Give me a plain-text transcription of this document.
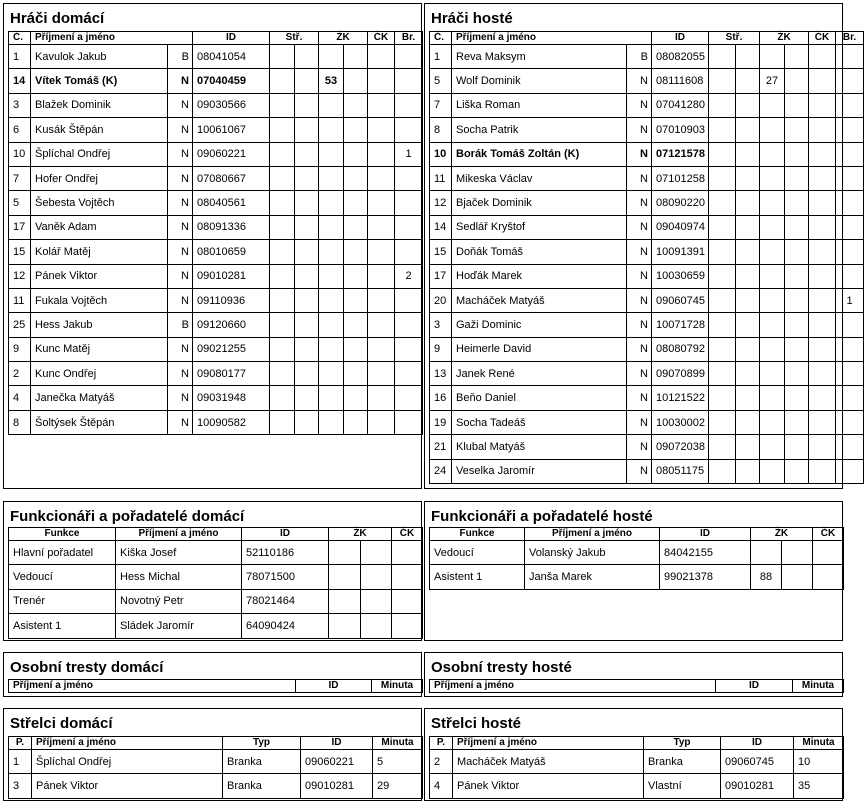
Hráči domácí
Č.	Příjmení a jméno		ID	Stř.		ŽK		ČK	Br.
1	Kavulok Jakub	B	08041054						
14	Vítek Tomáš (K)	N	07040459			53			
3	Blažek Dominik	N	09030566						
6	Kusák Štěpán	N	10061067						
10	Šplíchal Ondřej	N	09060221						1
7	Hofer Ondřej	N	07080667						
5	Šebesta Vojtěch	N	08040561						
17	Vaněk Adam	N	08091336						
15	Kolář Matěj	N	08010659						
12	Pánek Viktor	N	09010281						2
11	Fukala Vojtěch	N	09110936						
25	Hess Jakub	B	09120660						
9	Kunc Matěj	N	09021255						
2	Kunc Ondřej	N	09080177						
4	Janečka Matyáš	N	09031948						
8	Šoltýsek Štěpán	N	10090582						
Hráči hosté
Č.	Příjmení a jméno		ID	Stř.		ŽK		ČK	Br.
1	Reva Maksym	B	08082055						
5	Wolf Dominik	N	08111608			27			
7	Liška Roman	N	07041280						
8	Socha Patrik	N	07010903						
10	Borák Tomáš Zoltán (K)	N	07121578						
11	Mikeska Václav	N	07101258						
12	Bjaček Dominik	N	08090220						
14	Sedlář Kryštof	N	09040974						
15	Doňák Tomáš	N	10091391						
17	Hoďák Marek	N	10030659						
20	Macháček Matyáš	N	09060745						1
3	Gaži Dominic	N	10071728						
9	Heimerle David	N	08080792						
13	Janek René	N	09070899						
16	Beňo Daniel	N	10121522						
19	Socha Tadeáš	N	10030002						
21	Klubal Matyáš	N	09072038						
24	Veselka Jaromír	N	08051175						
Funkcionáři a pořadatelé domácí
Funkce	Příjmení a jméno	ID	ŽK		ČK
Hlavní pořadatel	Kiška Josef	52110186			
Vedoucí	Hess Michal	78071500			
Trenér	Novotný Petr	78021464			
Asistent 1	Sládek Jaromír	64090424			
Funkcionáři a pořadatelé hosté
Funkce	Příjmení a jméno	ID	ŽK		ČK
Vedoucí	Volanský Jakub	84042155			
Asistent 1	Janša Marek	99021378	88		
Osobní tresty domácí
Příjmení a jméno	ID	Minuta
Osobní tresty hosté
Příjmení a jméno	ID	Minuta
Střelci domácí
P.	Příjmení a jméno	Typ	ID	Minuta
1	Šplíchal Ondřej	Branka	09060221	5
3	Pánek Viktor	Branka	09010281	29
Střelci hosté
P.	Příjmení a jméno	Typ	ID	Minuta
2	Macháček Matyáš	Branka	09060745	10
4	Pánek Viktor	Vlastní	09010281	35
